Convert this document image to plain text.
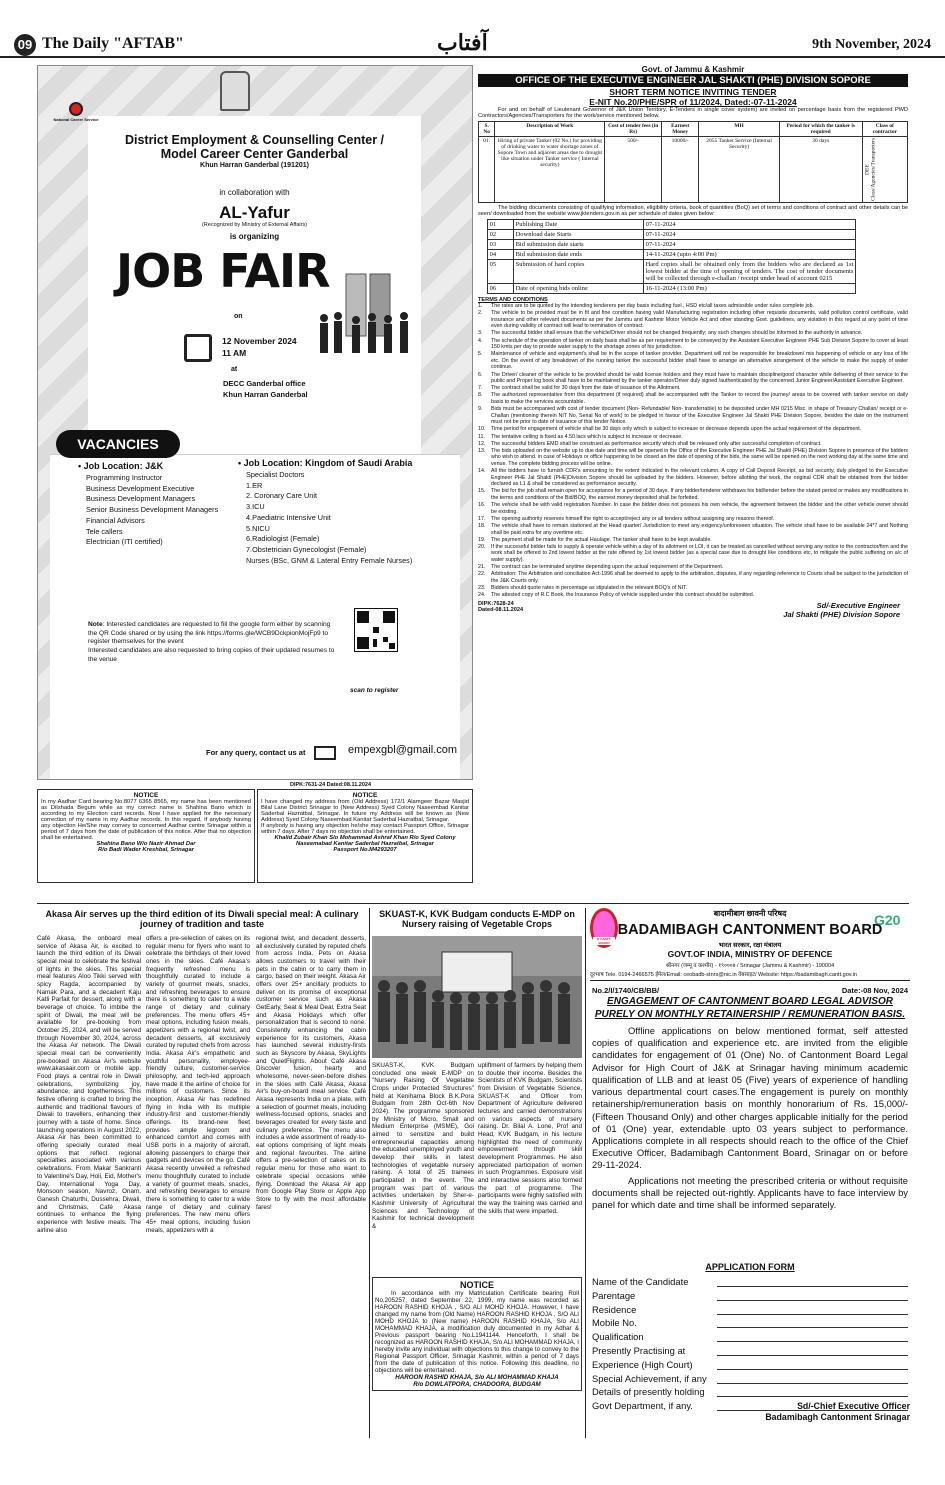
09 The Daily "AFTAB"	آفتاب	9th November, 2024

National Career Service
District Employment & Counselling Center /
Model Career Center Ganderbal
Khun Harran Ganderbal (191201)
in collaboration with
AL-Yafur
(Recognized by Ministry of External Affairs)
is organizing
JOB FAIR
on
12 November 2024
11 AM
at
DECC Ganderbal office
Khun Harran Ganderbal
VACANCIES
• Job Location: J&K
Programming Instructor
Business Development Executive
Business Development Managers
Senior Business Development Managers
Financial Advisors
Tele callers
Electrician (ITI certified)
• Job Location: Kingdom of Saudi Arabia
Specialist Doctors
1.ER
2. Coronary Care Unit
3.ICU
4.Paediatric Intensive Unit
5.NICU
6.Radiologist (Female)
7.Obstetrician Gynecologist (Female)
Nurses (BSc, GNM & Lateral Entry Female Nurses)
Note: Interested candidates are requested to fill the google form either by scanning the QR Code shared or by using the link https://forms.gle/WCB9DckpionMojFp9 to register themselves for the event
Interested candidates are also requested to bring copies of their updated resumes to the venue
scan to register
For any query, contact us at	empexgbl@gmail.com
DIPK:7631-24 Dated:08.11.2024
NOTICE
In my Aadhar Card bearing No.8077 6365 8565, my name has been mentioned as Dilshada Begum while as my correct name is Shahina Bano which is according to my Election card records. Now I have applied for the necessary correction of my name in my Aadhar records. In this regard, if anybody having any objection He/She may convey to concerned Aadhar centre Srinagar within a period of 7 days from the date of publication of this notice. After that no objection shall be entertained.
Shahina Bano W/o Nazir Ahmad Dar
R/o Badi Wader Kreshbal, Srinagar
NOTICE
I have changed my address from (Old Address) 172/1 Alamgeer Bazar Masjid Bilal Lane District Srinagar to (New Address) Syed Colony Naseembad Kanitar Saderbal Hazratbal, Srinagar. In future my Address will be known as (New Address) Syed Colony Naseembad Kanitar Saderbal Hazratbal, Srinagar.
If anybody is having any objection he/she may contact Passport Office, Srinagar within 7 days. After 7 days no objection shall be entertained.
Khalid Zubair Khan S/o Mohammad Ashraf Khan R/o Syed Colony
Naseemabad Kanitar Saderbal Hazratbal, Srinagar
Passport No.M4293207
Govt. of Jammu & Kashmir
OFFICE OF THE EXECUTIVE ENGINEER JAL SHAKTI (PHE) DIVISION SOPORE
SHORT TERM NOTICE INVITING TENDER
E-NIT No.20/PHE/SPR of 11/2024, Dated:-07-11-2024
For and on behalf of Lieutenant Governor of J&K Union Territory, E-Tenders in single cover system) are invited on percentage basis from the registered PWD Contractors/Agencies/Transporters for the work/service mentioned below.
S. No	Description of Work	Cost of tender fees (in Rs)	Earnest Money	MH	Period for which the tanker is required	Class of contractor
01.	Hiring of private Tanker (02 No.) for providing of drinking water to water shortage zones of Sopore Town and adjacent areas due to drought like situation under Tanker service ( Internal security)	500/-	10000/-	2055 Tanker Service (Internal Security)	30 days	DEE Class/Agencies/Transporters
The bidding documents consisting of qualifying information, eligibility criteria, book of quantities (BoQ) set of terms and conditions of contract and other details can be seen/ downloaded from the website www.jktenders.gov.in as per schedule of dates given below:
01	Publishing Date	07-11-2024
02	Download date Starts	07-11-2024
03	Bid submission date starts	07-11-2024
04	Bid submission date ends	14-11-2024 (upto 4:00 Pm)
05	Submission of hard copies	Hard copies shall be obtained only from the bidders who are declared as 1st lowest bidder at the time of opening of tenders. The cost of tender documents will be collected through e-challan / receipt under head of account 0215
06	Date of opening bids online	16-11-2024 (13:00 Pm)
TERMS AND CONDITIONS
1.	The rates are to be quoted by the intending tenderers per day basis including fuel , HSD etc/all taxes admissible under rules complete job.
2.	The vehicle to be provided must be in fit and fine condition having valid Manufacturing registration including other requisite documents, valid pollution control certificate, valid insurance and other relevant documents as per the Jammu and Kashmir Motor Vehicle Act and other standing Govt. guidelines, any violation in this regard at any point of time even during validity of contract will lead to termination of contract.
3.	The successful bidder shall ensure that the vehicle/Driver should not be changed frequently; any such changes should be informed to the authority in advance.
4.	The schedule of the operation of tanker on daily basis shall be as per requirement to be conveyed by the Assistant Executive Engineer PHE Sub Division Sopore to cover at least 150 kmts per day to provide water supply to the shortage zones of his jurisdiction.
5.	Maintenance of vehicle and equipment's shall be in the scope of tanker provider. Department will not be responsible for breakdown/ mis happening of vehicle or any loss of life etc. On the event of any breakdown of the running tanker the successful bidder shall have to arrange an alternative arrangement of the vehicle to make the supply of water continue.
6.	The Driver/ cleaner of the vehicle to be provided should be valid license holders and they must have to maintain discipline/good character while delivering of their service to the public and Proper log book shall have to be maintained by the tanker operator/Driver duly signed /authenticated by the concerned Junior Engineer/Assistant Executive Engineer.
7.	The contract shall be valid for 30 days from the date of issuance of the Allotment.
8.	The authorized representative from this department (if required) shall be accompanied with the Tanker to record the journey/ areas to be covered with tanker service on daily basis to make the services accountable.
9.	Bids must be accompanied with cost of tender document (Non- Refundable/ Non- transferrable) to be deposited under MH 0215 Misc. in shape of Treasury Challan/ receipt or e-Challan (mentioning therein NIT No, Serial No of work) to be pledged in favour of the Executive Engineer Jal Shakti PHE Division Sopore, besides the date on the instrument must not be prior to date of issuance of this tender Notice.
10.	Time period for engagement of vehicle shall be 30 days only which is subject to increase or decrease depends upon the actual requirement of the department.
11.	The tentative ceiling is fixed as 4.50 lacs which is subject to increase or decrease.
12.	The successful bidders EMD shall be construed as performance security which shall be released only after successful completion of contract.
13.	The bids uploaded on the website up to due date and time will be opened in the Office of the Executive Engineer PHE Jal Shakti (PHE) Division Sopore in presence of the bidders who wish to attend. in case of Holidays or office happening to be closed an the date of opening of the bids, the same will be opened on the next working day at the same time and venue. The complete bidding process will be online.
14.	All the bidders have to furnish CDR's amounting to the extent indicated in the relevant column. A copy of Call Deposit Receipt, as bid security, duly pledged to the Executive Engineer PHE Jal Shakti (PHE)Division Sopore should be uploaded by the bidders. However, before allotting the work, the original CDR shall be obtained from the bidder declared as L1 & shall be considered as performance security.
15.	The bid for the job shall remain open for acceptance for a period of 30 days. If any bidder/tenderer withdraws his bid/tender before the stated period or makes any modifications in the terms and conditions of the Bid/BOQ, the earnest money deposited shall be forfeited.
16.	The vehicle shall be with valid registration Number. In case the bidder does not possess his own vehicle, the agreement between the bidder and the other vehicle owner should be existing.
17.	The opening authority reserves himself the right to accept/reject any or all tenders without assigning any reasons thereof.
18.	The vehicle shall have to remain stationed at the Head quarter/ Jurisdiction to meet any exigency/unforeseen situation. The vehicle shall have to be available 24*7 and Nothing shall be paid extra for any overtime etc.
19.	The payment shall be made for the actual Haulage. The tanker shall have to be kept available.
20.	If the successful bidder fails to supply & operate vehicle within a day of its allotment or LOI, it can be treated as cancelled without serving any notice to the contractor/firm and the work shall be offered to 2nd lowest bidder at the rate offered by 1st lowest bidder (as a special case due to drought like conditions etc, to mitigate the public suffering on a/c of water supply).
21.	The contract can be terminated anytime depending upon the actual requirement of the Department.
22.	Arbitration: The Arbitration and conciliation Act-1996 shall be deemed to apply to the arbitration, disputes, if any regarding reference to Courts shall be subject to the jurisdiction of the J&K Courts only.
23.	Bidders should quote rates in percentage as stipulated in the relevant BOQ's of NIT.
24.	The attested copy of R.C Book, the Insurance Policy of vehicle supplied under this contract should be submitted.
DIPK:7628-24
Dated-08.11.2024	Sd/-Executive Engineer
Jal Shakti (PHE) Division Sopore
Akasa Air serves up the third edition of its Diwali special meal: A culinary journey of tradition and taste
Café Akasa, the onboard meal service of Akasa Air, is excited to launch the third edition of its Diwali special meal to celebrate the festival of lights in the skies. This special meal features Aloo Tikki served with spicy Ragda, accompanied by Namak Para, and a decadent Kaju Katli Parfait for dessert, along with a beverage of choice. To imbibe the spirit of Diwali, the meal will be available for pre-booking from October 25, 2024, and will be served through November 30, 2024, across the Akasa Air network. The Diwali special meal can be conveniently pre-booked on Akasa Air's website www.akasaair.com or mobile app. Food plays a central role in Diwali celebrations, symbolizing joy, abundance, and togetherness. This festive offering is crafted to bring the authentic and traditional flavours of Diwali to travellers, enhancing their journey with a taste of home. Since launching operations in August 2022, Akasa Air has been committed to offering specially curated meal options that reflect regional specialties associated with various celebrations. From Makar Sankranti to Valentine's Day, Holi, Eid, Mother's Day, International Yoga Day, Monsoon season, Navroz, Onam, Ganesh Chaturthi, Dussehra, Diwali, and Christmas, Café Akasa continues to enhance the flying experience with festive meals. The airline also
offers a pre-selection of cakes on its regular menu for flyers who want to celebrate the birthdays of their loved ones in the skies. Café Akasa's frequently refreshed menu is thoughtfully curated to include a variety of gourmet meals, snacks, and refreshing beverages to ensure there is something to cater to a wide range of dietary and culinary preferences. The menu offers 45+ meal options, including fusion meals, appetizers with a regional twist, and decadent desserts, all exclusively curated by reputed chefs from across India. Akasa Air's empathetic and youthful personality, employee-friendly culture, customer-service philosophy, and tech-led approach have made it the airline of choice for millions of customers. Since its inception, Akasa Air has redefined flying in India with its multiple industry-first and customer-friendly offerings. Its brand-new fleet provides ample legroom and enhanced comfort and comes with USB ports in a majority of aircraft, allowing passengers to charge their gadgets and devices on the go. Café Akasa recently unveiled a refreshed menu thoughtfully curated to include a variety of gourmet meals, snacks, and refreshing beverages to ensure there is something to cater to a wide range of dietary and culinary preferences. The new menu offers 45+ meal options, including fusion meals, appetizers with a
regional twist, and decadent desserts, all exclusively curated by reputed chefs from across India. Pets on Akasa allows customers to travel with their pets in the cabin or to carry them in cargo, based on their weight. Akasa Air offers over 25+ ancillary products to deliver on its promise of exceptional customer service such as Akasa GetEarly, Seat & Meal Deal, Extra Seat and Akasa Holidays which offer personalization that is second to none. Consistently enhancing the cabin experience for its customers, Akasa has launched several industry-firsts such as Skyscore by Akasa, SkyLights and QuietFlights. About Café Akasa Discover fusion, hearty and wholesome, never-seen-before dishes in the skies with Café Akasa, Akasa Air's buy-on-board meal service. Café Akasa represents India on a plate, with a selection of gourmet meals, including wellness-focused options, snacks and beverages created for every taste and culinary preference. The menu also includes a wide assortment of ready-to-eat options comprising of light meals and regional favourites. The airline offers a pre-selection of cakes on its regular menu for those who want to celebrate special occasions while flying. Download the Akasa Air app from Google Play Store or Apple App Store to fly with the most affordable fares!
SKUAST-K, KVK Budgam conducts E-MDP on Nursery raising of Vegetable Crops
SKUAST-K, KVK Budgam concluded one week E-MDP on "Nursery Raising Of Vegetable Crops under Protected Structures" held at Kenihama Block B.K.Pora Budgam from 28th Oct-6th Nov 2024). The programme sponsored by Ministry of Micro, Small and Medium Enterprise (MSME), Goi aimed to sensitize and build entrepreneurial capacities among the educated unemployed youth and develop their skills in latest technologies of vegetable nursery raising. A total of 25 trainees participated in the event. The program was part of various activities undertaken by Sher-e-Kashmir University of Agricultural Sciences and Technology of Kashmir for technical development &
upliftment of farmers by helping them to double their income. Besides the Scientists of KVK Budgam, Scientists from Division of Vegetable Science, SKUAST-K and Officer from Department of Agriculture delivered lectures and carried demonstrations on various aspects of nursery raising. Dr. Bilal A. Lone, Prof and Head, KVK Budgam, in his lecture highlighted the need of community empowerment through skill development Programmes. He also appreciated participation of women in such Programmes. Exposure visit and interactive sessions also formed the part of programme. The participants were highly satisfied with the way the training was carried and the skills that were imparted.
NOTICE
In accordance with my Matriculation Certificate bearing Roll No.205257, dated September 22, 1999, my name was recorded as HAROON RASHID KHOJA , S/O ALI MOHD KHOJA. However, I have changed my name from (Old Name) HAROON RASHID KHOJA , S/O ALI MOHD KHOJA to (New name) HAROON RASHID KHAJA, S/o ALI MOHAMMAD KHAJA, a modification duly documented in my Adhar & Previous passport bearing No.L1941144. Henceforth, I shall be recognized as HAROON RASHID KHAJA, S/o ALI MOHAMMAD KHAJA. I hereby invite any individual with objections to this change to convey to the Regional Passport Officer, Srinagar Kashmir, within a period of 7 days from the date of publication of this notice. Following this deadline, no objections will be entertained.
HAROON RASHID KHAJA, S/o ALI MOHAMMAD KHAJA
R/o DOWLATPORA, CHADOORA, BUDGAM
B CANTT. BOARD
G20
बादामीबाग छावनी परिषद
BADAMIBAGH CANTONMENT BOARD
भारत सरकार, रक्षा मंत्रालय
GOVT.OF INDIA, MINISTRY OF DEFENCE
श्रीनगर (जम्मू व कश्मीर) - १९०००४ / Srinagar (Jammu & Kashmir) - 190004
दूरभाष Tele. 0194-2466575 ईमेल/Email: ceobadb-stnrs@nic.in वेबसाइट/ Website: https://badamibagh.cantt.gov.in
No.2/I/1740/CB/BB/	Date:-08 Nov, 2024
ENGAGEMENT OF CANTONMENT BOARD LEGAL ADVISOR PURELY ON MONTHLY RETAINERSHIP / REMUNERATION BASIS.
Offline applications on below mentioned format, self attested copies of qualification and experience etc. are invited from the eligible candidates for engagement of 01 (One) No. of Cantonment Board Legal Advisor for High Court of J&K at Srinagar having minimum academic qualification of LLB and at least 05 (Five) years of experience of handling various departmental court cases.The engagement is purely on monthly retainership/remuneration basis on monthly honorarium of Rs. 15,000/- (Fifteen Thousand Only) and other charges applicable initially for the period of 01 (One) year, extendable upto 03 years subject to performance. Applications complete in all respects should reach to the office of the Chief Executive Officer, Badamibagh Cantonment Board, Srinagar on or before 29-11-2024.
Applications not meeting the prescribed criteria or without requisite documents shall be rejected out-rightly. Applicants have to face interview by panel for which date and time shall be informed separately.
APPLICATION FORM
Name of the Candidate
Parentage
Residence
Mobile No.
Qualification
Presently Practising at
Experience (High Court)
Special Achievement, if any
Details of presently holding
Govt Department, if any.	Sd/-Chief Executive Officer
Badamibagh Cantonment Srinagar
